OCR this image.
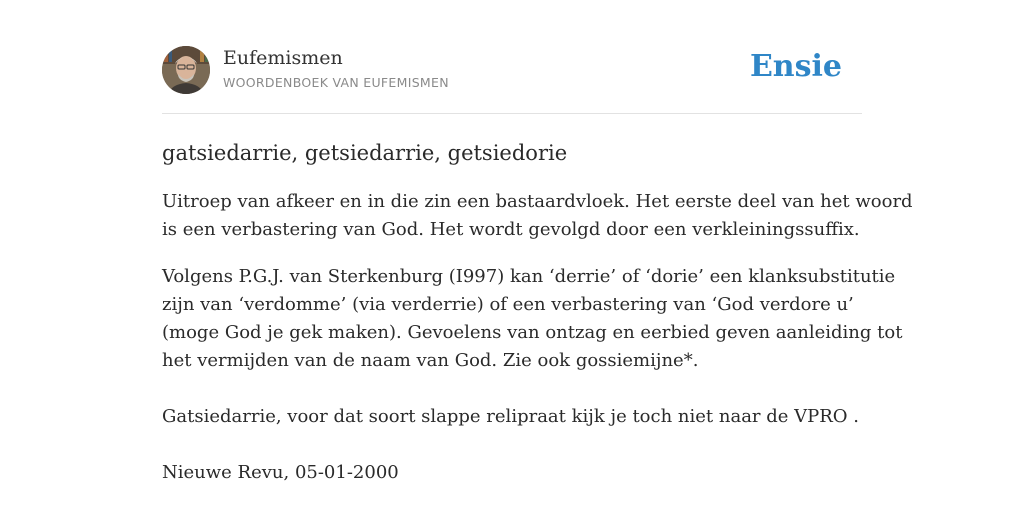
Eufemismen
WOORDENBOEK VAN EUFEMISMEN	Ensie
gatsiedarrie, getsiedarrie, getsiedorie

Uitroep van afkeer en in die zin een bastaardvloek. Het eerste deel van het woord
is een verbastering van God. Het wordt gevolgd door een verkleiningssuffix.

Volgens P.G.J. van Sterkenburg (I997) kan ‘derrie’ of ‘dorie’ een klanksubstitutie
zijn van ‘verdomme’ (via verderrie) of een verbastering van ‘God verdore u’
(moge God je gek maken). Gevoelens van ontzag en eerbied geven aanleiding tot
het vermijden van de naam van God. Zie ook gossiemijne*.
Gatsiedarrie, voor dat soort slappe relipraat kijk je toch niet naar de VPRO .
Nieuwe Revu, 05-01-2000
